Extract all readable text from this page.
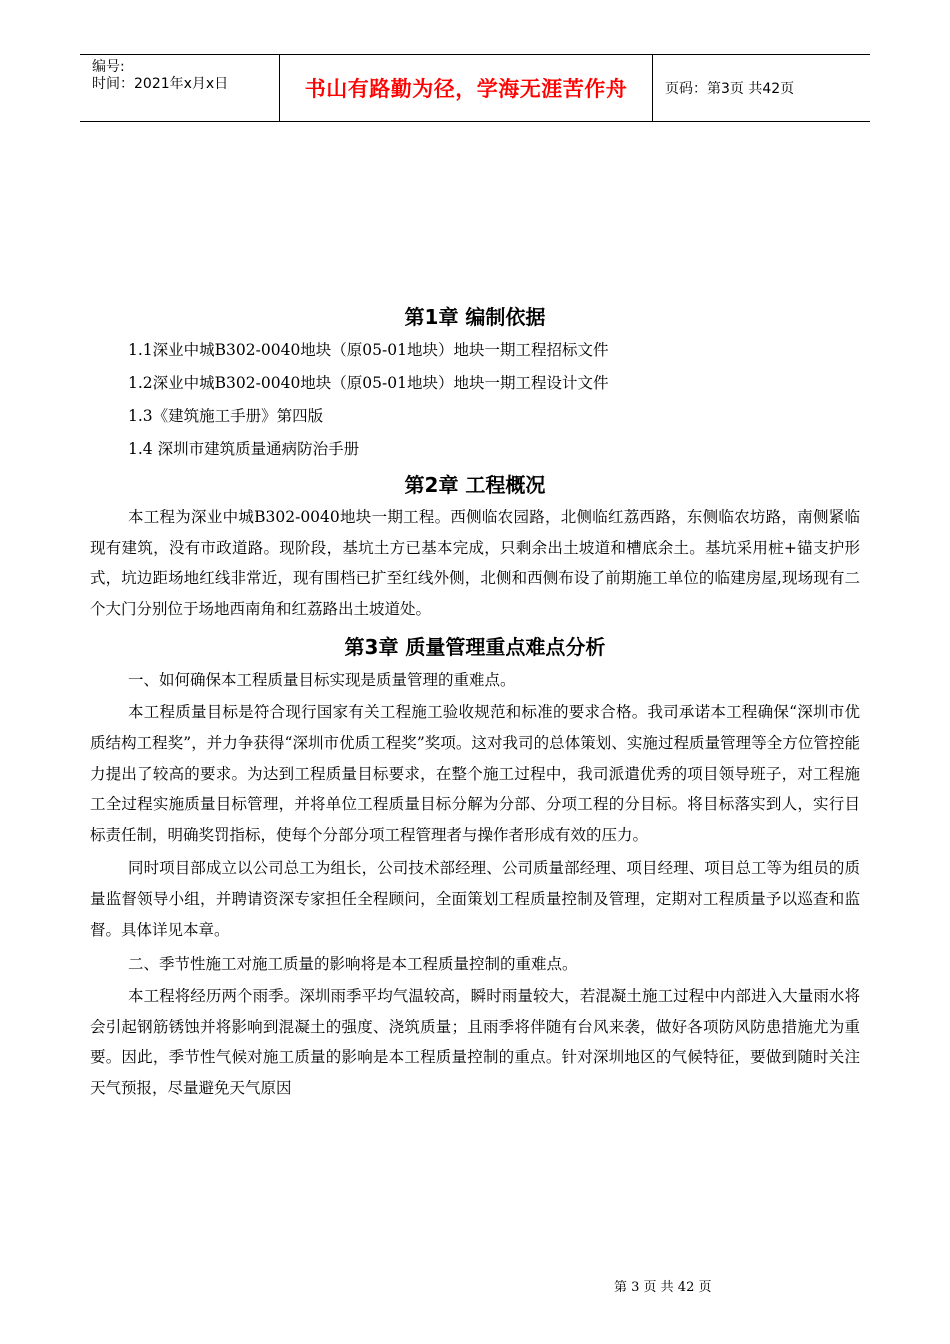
编号:
时间：2021年x月x日	书山有路勤为径，学海无涯苦作舟	页码：第3页 共42页
第1章 编制依据

1.1深业中城B302-0040地块（原05-01地块）地块一期工程招标文件

1.2深业中城B302-0040地块（原05-01地块）地块一期工程设计文件

1.3《建筑施工手册》第四版

1.4 深圳市建筑质量通病防治手册

第2章 工程概况

本工程为深业中城B302-0040地块一期工程。西侧临农园路，北侧临红荔西路，东侧临农坊路，南侧紧临现有建筑，没有市政道路。现阶段，基坑土方已基本完成，只剩余出土坡道和槽底余土。基坑采用桩+锚支护形式，坑边距场地红线非常近，现有围档已扩至红线外侧，北侧和西侧布设了前期施工单位的临建房屋,现场现有二个大门分别位于场地西南角和红荔路出土坡道处。

第3章 质量管理重点难点分析

一、如何确保本工程质量目标实现是质量管理的重难点。

本工程质量目标是符合现行国家有关工程施工验收规范和标准的要求合格。我司承诺本工程确保“深圳市优质结构工程奖”，并力争获得“深圳市优质工程奖”奖项。这对我司的总体策划、实施过程质量管理等全方位管控能力提出了较高的要求。为达到工程质量目标要求，在整个施工过程中，我司派遣优秀的项目领导班子，对工程施工全过程实施质量目标管理，并将单位工程质量目标分解为分部、分项工程的分目标。将目标落实到人，实行目标责任制，明确奖罚指标，使每个分部分项工程管理者与操作者形成有效的压力。

同时项目部成立以公司总工为组长，公司技术部经理、公司质量部经理、项目经理、项目总工等为组员的质量监督领导小组，并聘请资深专家担任全程顾问，全面策划工程质量控制及管理，定期对工程质量予以巡查和监督。具体详见本章。

二、季节性施工对施工质量的影响将是本工程质量控制的重难点。

本工程将经历两个雨季。深圳雨季平均气温较高，瞬时雨量较大，若混凝土施工过程中内部进入大量雨水将会引起钢筋锈蚀并将影响到混凝土的强度、浇筑质量；且雨季将伴随有台风来袭，做好各项防风防患措施尤为重要。因此，季节性气候对施工质量的影响是本工程质量控制的重点。针对深圳地区的气候特征，要做到随时关注天气预报，尽量避免天气原因

第 3 页 共 42 页
